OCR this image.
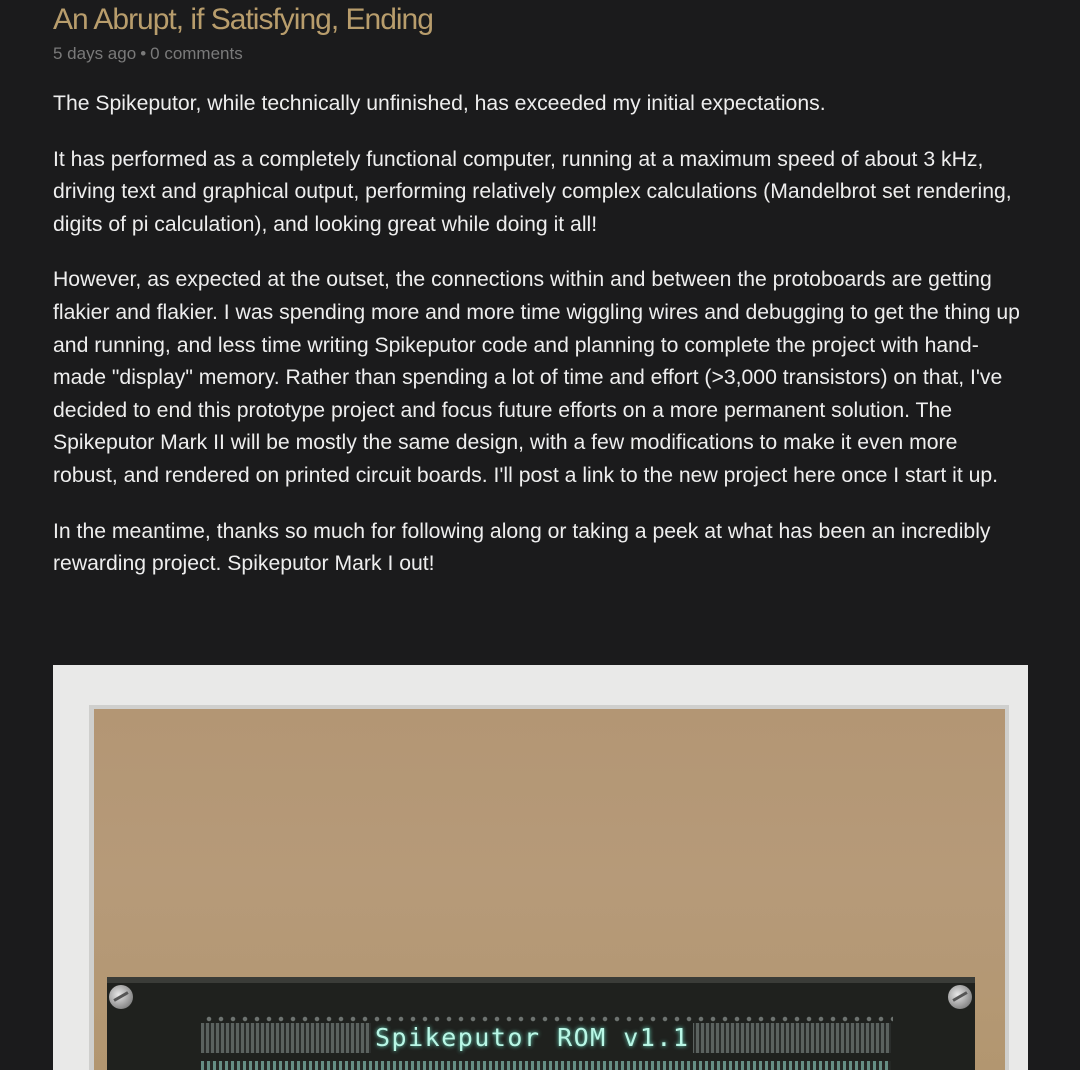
An Abrupt, if Satisfying, Ending
5 days ago • 0 comments

The Spikeputor, while technically unfinished, has exceeded my initial expectations.

It has performed as a completely functional computer, running at a maximum speed of about 3 kHz, driving text and graphical output, performing relatively complex calculations (Mandelbrot set rendering, digits of pi calculation), and looking great while doing it all!

However, as expected at the outset, the connections within and between the protoboards are getting flakier and flakier. I was spending more and more time wiggling wires and debugging to get the thing up and running, and less time writing Spikeputor code and planning to complete the project with hand-made "display" memory. Rather than spending a lot of time and effort (>3,000 transistors) on that, I've decided to end this prototype project and focus future efforts on a more permanent solution. The Spikeputor Mark II will be mostly the same design, with a few modifications to make it even more robust, and rendered on printed circuit boards. I'll post a link to the new project here once I start it up.

In the meantime, thanks so much for following along or taking a peek at what has been an incredibly rewarding project. Spikeputor Mark I out!

Spikeputor ROM v1.1
